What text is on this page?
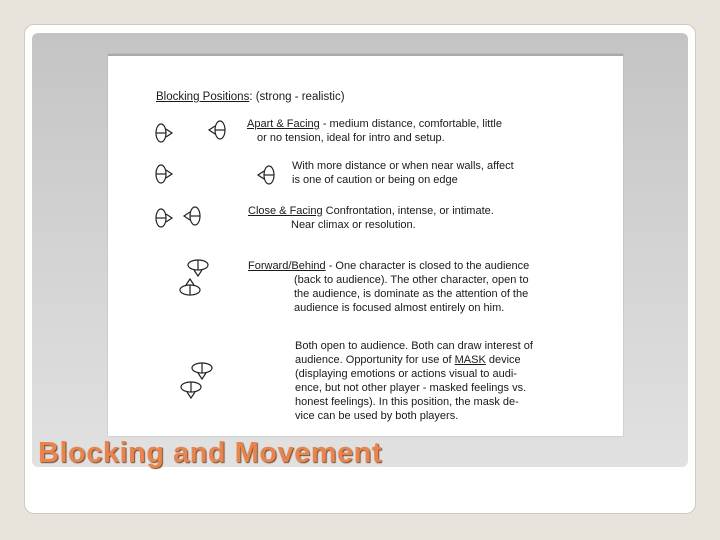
Blocking Positions: (strong - realistic)

Apart & Facing - medium distance, comfortable, little

or no tension, ideal for intro and setup.

With more distance or when near walls, affect

is one of caution or being on edge

Close & Facing Confrontation, intense, or intimate.

Near climax or resolution.

Forward/Behind - One character is closed to the audience

(back to audience). The other character, open to

the audience, is dominate as the attention of the

audience is focused almost entirely on him.

Both open to audience. Both can draw interest of

audience. Opportunity for use of MASK device

(displaying emotions or actions visual to audi-

ence, but not other player - masked feelings vs.

honest feelings). In this position, the mask de-

vice can be used by both players.

Blocking and Movement
